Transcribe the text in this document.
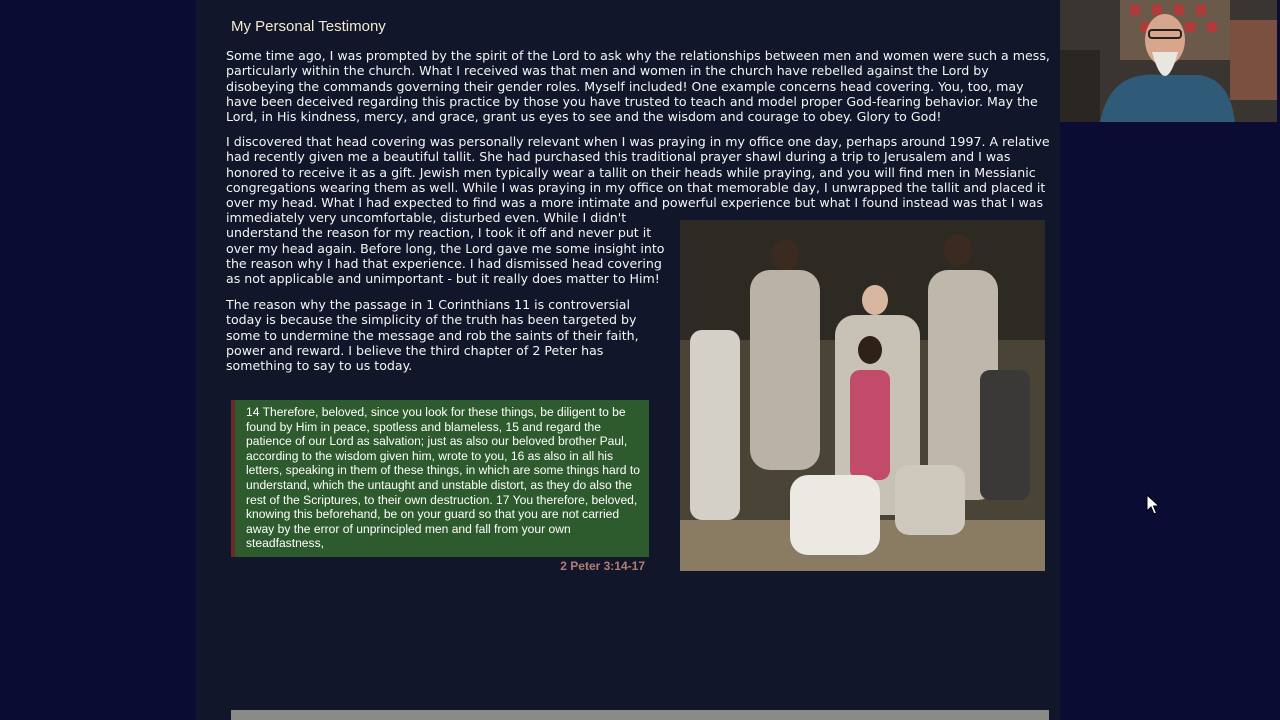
My Personal Testimony

Some time ago, I was prompted by the spirit of the Lord to ask why the relationships between men and women were such a mess, particularly within the church. What I received was that men and women in the church have rebelled against the Lord by disobeying the commands governing their gender roles. Myself included! One example concerns head covering. You, too, may have been deceived regarding this practice by those you have trusted to teach and model proper God-fearing behavior. May the Lord, in His kindness, mercy, and grace, grant us eyes to see and the wisdom and courage to obey. Glory to God!

I discovered that head covering was personally relevant when I was praying in my office one day, perhaps around 1997. A relative had recently given me a beautiful tallit. She had purchased this traditional prayer shawl during a trip to Jerusalem and I was honored to receive it as a gift. Jewish men typically wear a tallit on their heads while praying, and you will find men in Messianic congregations wearing them as well. While I was praying in my office on that memorable day, I unwrapped the tallit and placed it over my head. What I had expected to find was a more intimate and powerful experience but what I found instead was that I was

immediately very uncomfortable, disturbed even. While I didn't understand the reason for my reaction, I took it off and never put it over my head again. Before long, the Lord gave me some insight into the reason why I had that experience. I had dismissed head covering as not applicable and unimportant - but it really does matter to Him!

The reason why the passage in 1 Corinthians 11 is controversial today is because the simplicity of the truth has been targeted by some to undermine the message and rob the saints of their faith, power and reward. I believe the third chapter of 2 Peter has something to say to us today.

14 Therefore, beloved, since you look for these things, be diligent to be found by Him in peace, spotless and blameless, 15 and regard the patience of our Lord as salvation; just as also our beloved brother Paul, according to the wisdom given him, wrote to you, 16 as also in all his letters, speaking in them of these things, in which are some things hard to understand, which the untaught and unstable distort, as they do also the rest of the Scriptures, to their own destruction. 17 You therefore, beloved, knowing this beforehand, be on your guard so that you are not carried away by the error of unprincipled men and fall from your own steadfastness,
2 Peter 3:14-17
